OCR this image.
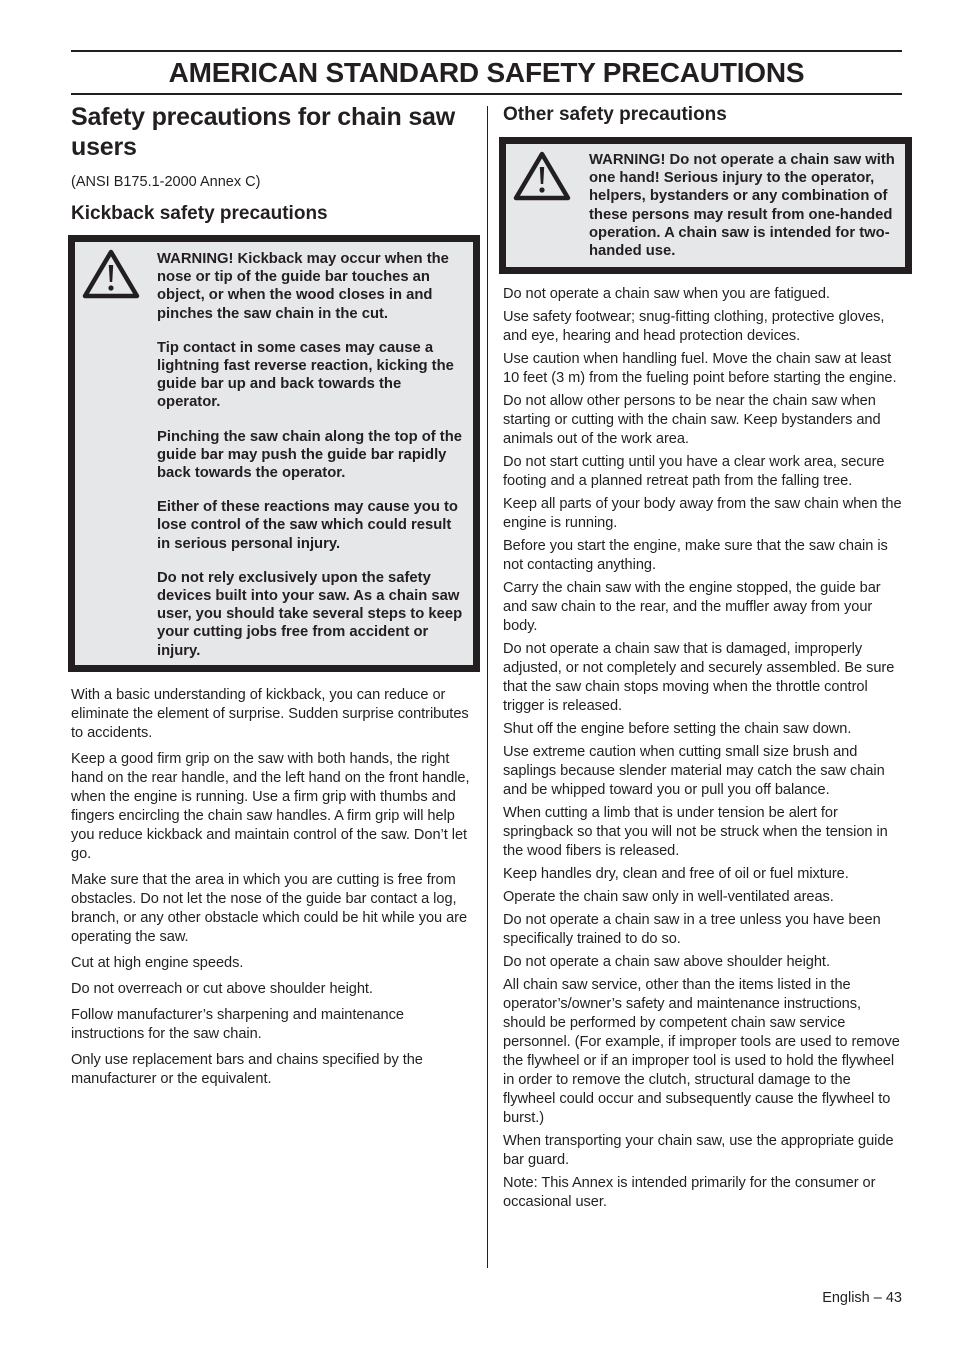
AMERICAN STANDARD SAFETY PRECAUTIONS
Safety precautions for chain saw users

(ANSI B175.1-2000 Annex C)

Kickback safety precautions

WARNING! Kickback may occur when the nose or tip of the guide bar touches an object, or when the wood closes in and pinches the saw chain in the cut.

Tip contact in some cases may cause a lightning fast reverse reaction, kicking the guide bar up and back towards the operator.

Pinching the saw chain along the top of the guide bar may push the guide bar rapidly back towards the operator.

Either of these reactions may cause you to lose control of the saw which could result in serious personal injury.

Do not rely exclusively upon the safety devices built into your saw. As a chain saw user, you should take several steps to keep your cutting jobs free from accident or injury.

With a basic understanding of kickback, you can reduce or eliminate the element of surprise. Sudden surprise contributes to accidents.

Keep a good firm grip on the saw with both hands, the right hand on the rear handle, and the left hand on the front handle, when the engine is running. Use a firm grip with thumbs and fingers encircling the chain saw handles. A firm grip will help you reduce kickback and maintain control of the saw. Don’t let go.

Make sure that the area in which you are cutting is free from obstacles. Do not let the nose of the guide bar contact a log, branch, or any other obstacle which could be hit while you are operating the saw.

Cut at high engine speeds.

Do not overreach or cut above shoulder height.

Follow manufacturer’s sharpening and maintenance instructions for the saw chain.

Only use replacement bars and chains specified by the manufacturer or the equivalent.

Other safety precautions

WARNING! Do not operate a chain saw with one hand! Serious injury to the operator, helpers, bystanders or any combination of these persons may result from one-handed operation. A chain saw is intended for two-handed use.

Do not operate a chain saw when you are fatigued.

Use safety footwear; snug-fitting clothing, protective gloves, and eye, hearing and head protection devices.

Use caution when handling fuel. Move the chain saw at least 10 feet (3 m) from the fueling point before starting the engine.

Do not allow other persons to be near the chain saw when starting or cutting with the chain saw. Keep bystanders and animals out of the work area.

Do not start cutting until you have a clear work area, secure footing and a planned retreat path from the falling tree.

Keep all parts of your body away from the saw chain when the engine is running.

Before you start the engine, make sure that the saw chain is not contacting anything.

Carry the chain saw with the engine stopped, the guide bar and saw chain to the rear, and the muffler away from your body.

Do not operate a chain saw that is damaged, improperly adjusted, or not completely and securely assembled. Be sure that the saw chain stops moving when the throttle control trigger is released.

Shut off the engine before setting the chain saw down.

Use extreme caution when cutting small size brush and saplings because slender material may catch the saw chain and be whipped toward you or pull you off balance.

When cutting a limb that is under tension be alert for springback so that you will not be struck when the tension in the wood fibers is released.

Keep handles dry, clean and free of oil or fuel mixture.

Operate the chain saw only in well-ventilated areas.

Do not operate a chain saw in a tree unless you have been specifically trained to do so.

Do not operate a chain saw above shoulder height.

All chain saw service, other than the items listed in the operator’s/owner’s safety and maintenance instructions, should be performed by competent chain saw service personnel. (For example, if improper tools are used to remove the flywheel or if an improper tool is used to hold the flywheel in order to remove the clutch, structural damage to the flywheel could occur and subsequently cause the flywheel to burst.)

When transporting your chain saw, use the appropriate guide bar guard.

Note: This Annex is intended primarily for the consumer or occasional user.

English – 43
